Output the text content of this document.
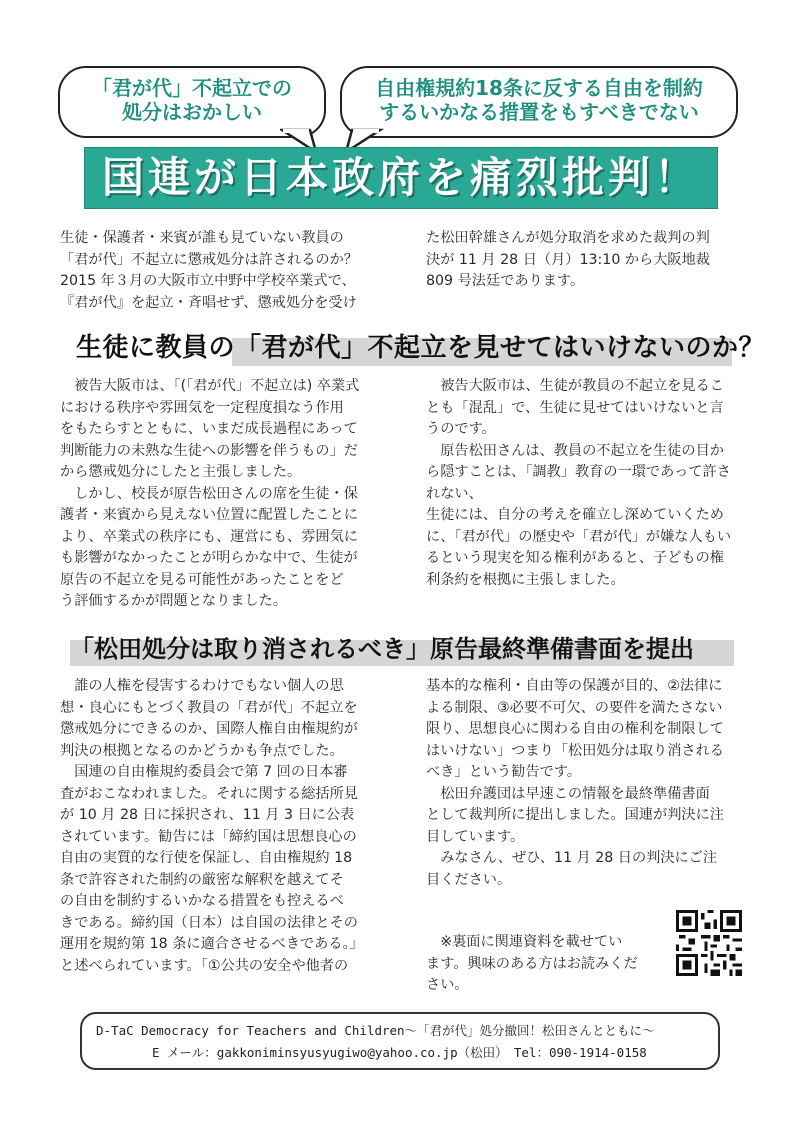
「君が代」不起立での
処分はおかしい
自由権規約18条に反する自由を制約
するいかなる措置をもすべきでない
国連が日本政府を痛烈批判！
生徒・保護者・来賓が誰も見ていない教員の
「君が代」不起立に懲戒処分は許されるのか？
2015 年３月の大阪市立中野中学校卒業式で、
『君が代』を起立・斉唱せず、懲戒処分を受け
た松田幹雄さんが処分取消を求めた裁判の判
決が 11 月 28 日（月）13:10 から大阪地裁
809 号法廷であります。
生徒に教員の「君が代」不起立を見せてはいけないのか？
　被告大阪市は、「(「君が代」不起立は) 卒業式
における秩序や雰囲気を一定程度損なう作用
をもたらすとともに、いまだ成長過程にあって
判断能力の未熟な生徒への影響を伴うもの」だ
から懲戒処分にしたと主張しました。
　しかし、校長が原告松田さんの席を生徒・保
護者・来賓から見えない位置に配置したことに
より、卒業式の秩序にも、運営にも、雰囲気に
も影響がなかったことが明らかな中で、生徒が
原告の不起立を見る可能性があったことをど
う評価するかが問題となりました。
　被告大阪市は、生徒が教員の不起立を見るこ
とも「混乱」で、生徒に見せてはいけないと言
うのです。
　原告松田さんは、教員の不起立を生徒の目か
ら隠すことは、「調教」教育の一環であって許さ
れない、
生徒には、自分の考えを確立し深めていくため
に、「君が代」の歴史や「君が代」が嫌な人もい
るという現実を知る権利があると、子どもの権
利条約を根拠に主張しました。
「松田処分は取り消されるべき」原告最終準備書面を提出
　誰の人権を侵害するわけでもない個人の思
想・良心にもとづく教員の「君が代」不起立を
懲戒処分にできるのか、国際人権自由権規約が
判決の根拠となるのかどうかも争点でした。
　国連の自由権規約委員会で第 7 回の日本審
査がおこなわれました。それに関する総括所見
が 10 月 28 日に採択され、11 月 3 日に公表
されています。勧告には「締約国は思想良心の
自由の実質的な行使を保証し、自由権規約 18
条で許容された制約の厳密な解釈を越えてそ
の自由を制約するいかなる措置をも控えるべ
きである。締約国（日本）は自国の法律とその
運用を規約第 18 条に適合させるべきである。」
と述べられています。「①公共の安全や他者の
基本的な権利・自由等の保護が目的、②法律に
よる制限、③必要不可欠、の要件を満たさない
限り、思想良心に関わる自由の権利を制限して
はいけない」つまり「松田処分は取り消される
べき」という勧告です。
　松田弁護団は早速この情報を最終準備書面
として裁判所に提出しました。国連が判決に注
目しています。
　みなさん、ぜひ、11 月 28 日の判決にご注
目ください。
　※裏面に関連資料を載せてい
ます。興味のある方はお読みくだ
さい。
D-TaC Democracy for Teachers and Children～「君が代」処分撤回！松田さんとともに～
E メール：gakkoniminsyusyugiwo@yahoo.co.jp（松田）　Tel：090-1914-0158
